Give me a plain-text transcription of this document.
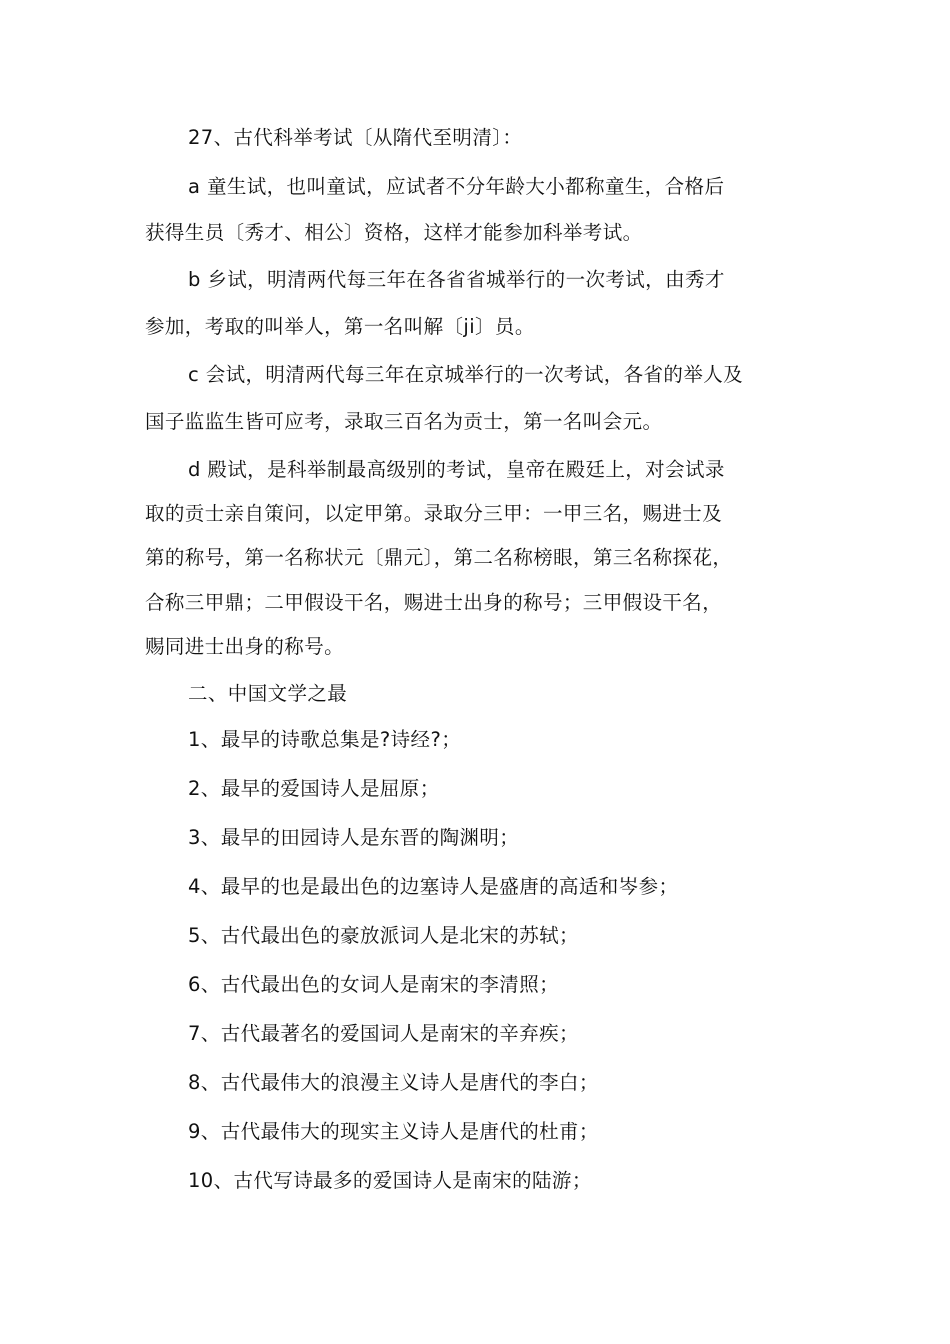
27、古代科举考试〔从隋代至明清〕：
a 童生试，也叫童试，应试者不分年龄大小都称童生，合格后
获得生员〔秀才、相公〕资格，这样才能参加科举考试。
b 乡试，明清两代每三年在各省省城举行的一次考试，由秀才
参加，考取的叫举人，第一名叫解〔ji〕员。
c 会试，明清两代每三年在京城举行的一次考试，各省的举人及
国子监监生皆可应考，录取三百名为贡士，第一名叫会元。
d 殿试，是科举制最高级别的考试，皇帝在殿廷上，对会试录
取的贡士亲自策问，以定甲第。录取分三甲：一甲三名，赐进士及
第的称号，第一名称状元〔鼎元〕，第二名称榜眼，第三名称探花，
合称三甲鼎；二甲假设干名，赐进士出身的称号；三甲假设干名，
赐同进士出身的称号。
二、中国文学之最
1、最早的诗歌总集是?诗经?；
2、最早的爱国诗人是屈原；
3、最早的田园诗人是东晋的陶渊明；
4、最早的也是最出色的边塞诗人是盛唐的高适和岑参；
5、古代最出色的豪放派词人是北宋的苏轼；
6、古代最出色的女词人是南宋的李清照；
7、古代最著名的爱国词人是南宋的辛弃疾；
8、古代最伟大的浪漫主义诗人是唐代的李白；
9、古代最伟大的现实主义诗人是唐代的杜甫；
10、古代写诗最多的爱国诗人是南宋的陆游；
